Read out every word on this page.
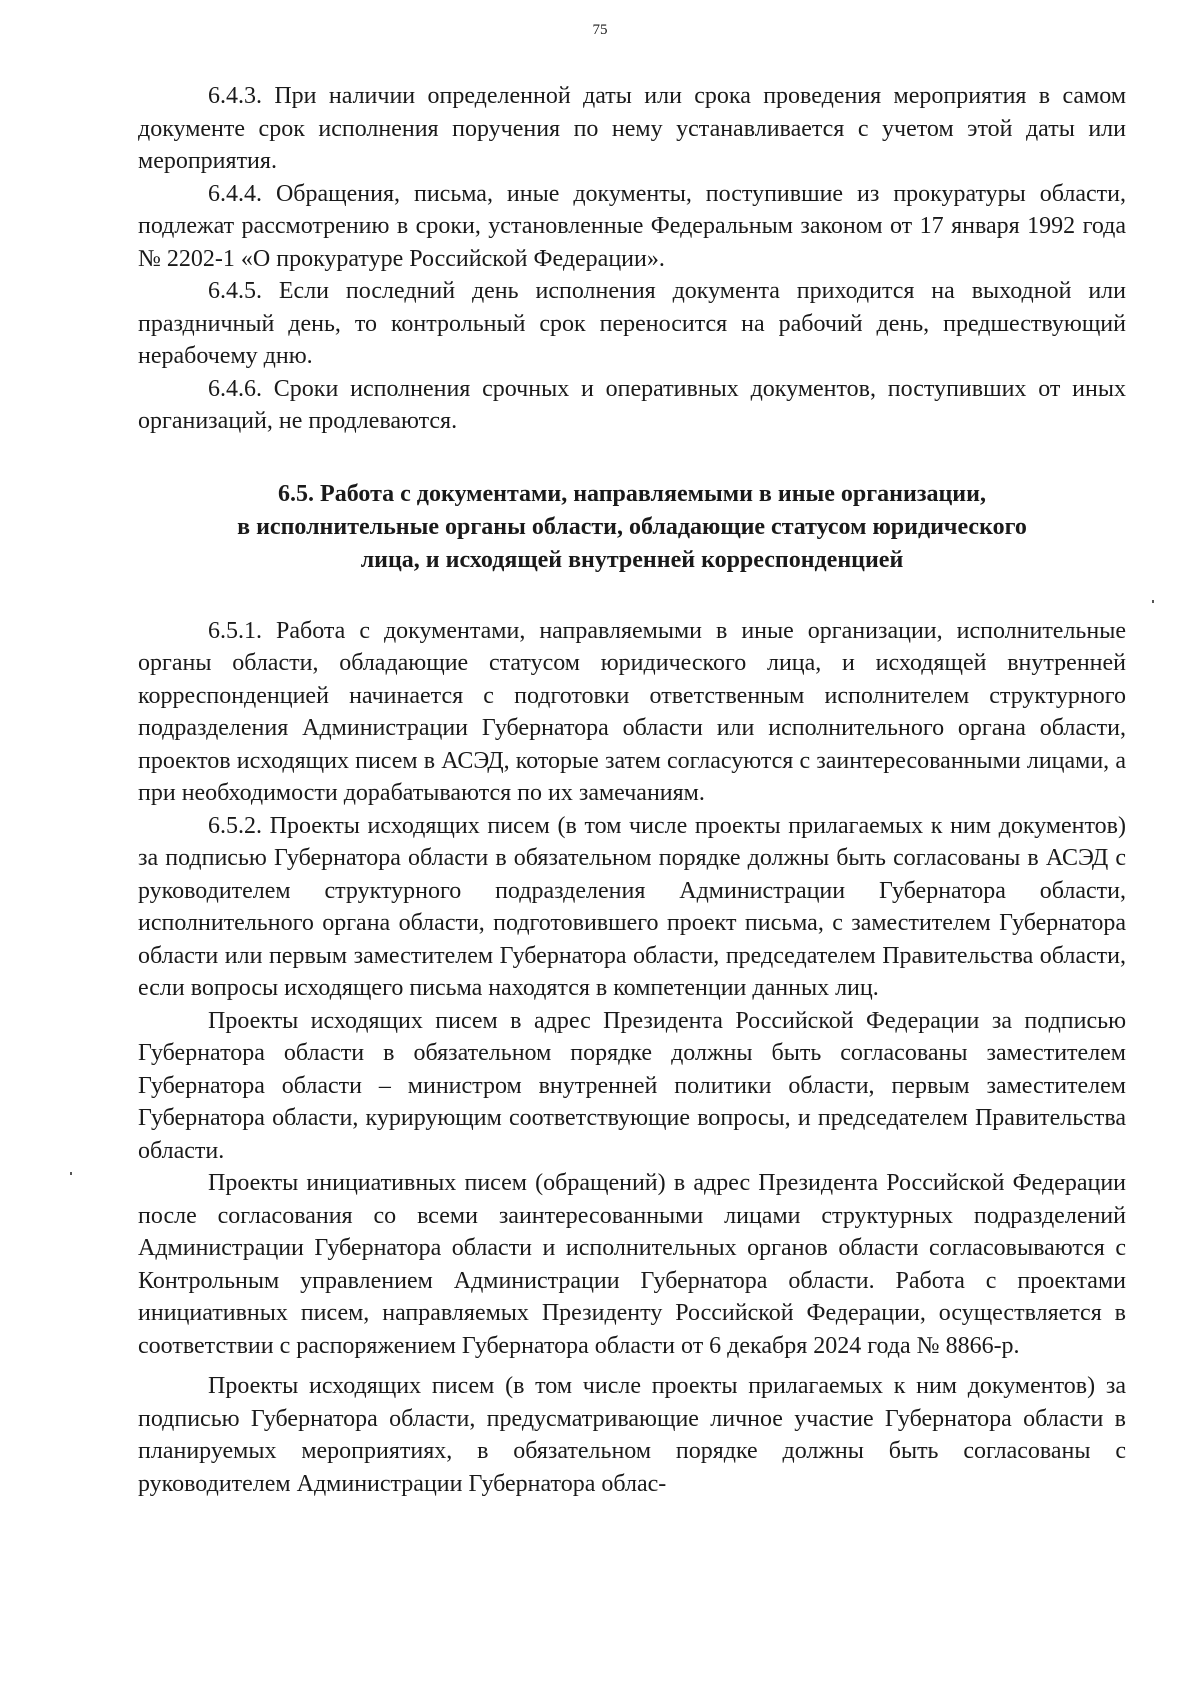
75

6.4.3. При наличии определенной даты или срока проведения мероприятия в самом документе срок исполнения поручения по нему устанавливается с учетом этой даты или мероприятия.

6.4.4. Обращения, письма, иные документы, поступившие из прокуратуры области, подлежат рассмотрению в сроки, установленные Федеральным законом от 17 января 1992 года № 2202-1 «О прокуратуре Российской Федерации».

6.4.5. Если последний день исполнения документа приходится на выходной или праздничный день, то контрольный срок переносится на рабочий день, предшествующий нерабочему дню.

6.4.6. Сроки исполнения срочных и оперативных документов, поступивших от иных организаций, не продлеваются.

6.5. Работа с документами, направляемыми в иные организации,
в исполнительные органы области, обладающие статусом юридического
лица, и исходящей внутренней корреспонденцией

6.5.1. Работа с документами, направляемыми в иные организации, исполнительные органы области, обладающие статусом юридического лица, и исходящей внутренней корреспонденцией начинается с подготовки ответственным исполнителем структурного подразделения Администрации Губернатора области или исполнительного органа области, проектов исходящих писем в АСЭД, которые затем согласуются с заинтересованными лицами, а при необходимости дорабатываются по их замечаниям.

6.5.2. Проекты исходящих писем (в том числе проекты прилагаемых к ним документов) за подписью Губернатора области в обязательном порядке должны быть согласованы в АСЭД с руководителем структурного подразделения Администрации Губернатора области, исполнительного органа области, подготовившего проект письма, с заместителем Губернатора области или первым заместителем Губернатора области, председателем Правительства области, если вопросы исходящего письма находятся в компетенции данных лиц.

Проекты исходящих писем в адрес Президента Российской Федерации за подписью Губернатора области в обязательном порядке должны быть согласованы заместителем Губернатора области – министром внутренней политики области, первым заместителем Губернатора области, курирующим соответствующие вопросы, и председателем Правительства области.

Проекты инициативных писем (обращений) в адрес Президента Российской Федерации после согласования со всеми заинтересованными лицами структурных подразделений Администрации Губернатора области и исполнительных органов области согласовываются с Контрольным управлением Администрации Губернатора области. Работа с проектами инициативных писем, направляемых Президенту Российской Федерации, осуществляется в соответствии с распоряжением Губернатора области от 6 декабря 2024 года № 8866-р.

Проекты исходящих писем (в том числе проекты прилагаемых к ним документов) за подписью Губернатора области, предусматривающие личное участие Губернатора области в планируемых мероприятиях, в обязательном порядке должны быть согласованы с руководителем Администрации Губернатора облас-
